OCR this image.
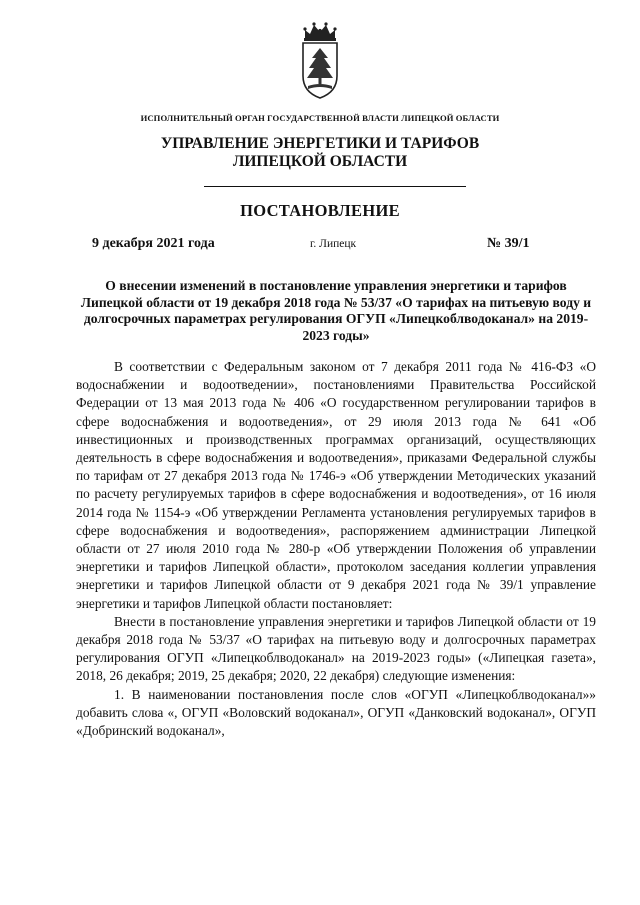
ИСПОЛНИТЕЛЬНЫЙ ОРГАН ГОСУДАРСТВЕННОЙ ВЛАСТИ ЛИПЕЦКОЙ ОБЛАСТИ
УПРАВЛЕНИЕ ЭНЕРГЕТИКИ И ТАРИФОВ
ЛИПЕЦКОЙ ОБЛАСТИ
ПОСТАНОВЛЕНИЕ
9 декабря 2021 года	г. Липецк	№ 39/1
О внесении изменений в постановление управления энергетики и тарифов Липецкой области от 19 декабря 2018 года № 53/37 «О тарифах на питьевую воду и долгосрочных параметрах регулирования ОГУП «Липецкоблводоканал» на 2019-2023 годы»

В соответствии с Федеральным законом от 7 декабря 2011 года № 416-ФЗ «О водоснабжении и водоотведении», постановлениями Правительства Российской Федерации от 13 мая 2013 года № 406 «О государственном регулировании тарифов в сфере водоснабжения и водоотведения», от 29 июля 2013 года № 641 «Об инвестиционных и производственных программах организаций, осуществляющих деятельность в сфере водоснабжения и водоотведения», приказами Федеральной службы по тарифам от 27 декабря 2013 года № 1746-э «Об утверждении Методических указаний по расчету регулируемых тарифов в сфере водоснабжения и водоотведения», от 16 июля 2014 года № 1154-э «Об утверждении Регламента установления регулируемых тарифов в сфере водоснабжения и водоотведения», распоряжением администрации Липецкой области от 27 июля 2010 года № 280-р «Об утверждении Положения об управлении энергетики и тарифов Липецкой области», протоколом заседания коллегии управления энергетики и тарифов Липецкой области от 9 декабря 2021 года № 39/1 управление энергетики и тарифов Липецкой области постановляет:

Внести в постановление управления энергетики и тарифов Липецкой области от 19 декабря 2018 года № 53/37 «О тарифах на питьевую воду и долгосрочных параметрах регулирования ОГУП «Липецкоблводоканал» на 2019-2023 годы» («Липецкая газета», 2018, 26 декабря; 2019, 25 декабря; 2020, 22 декабря) следующие изменения:

1. В наименовании постановления после слов «ОГУП «Липецкоблводоканал»» добавить слова «, ОГУП «Воловский водоканал», ОГУП «Данковский водоканал», ОГУП «Добринский водоканал»,
